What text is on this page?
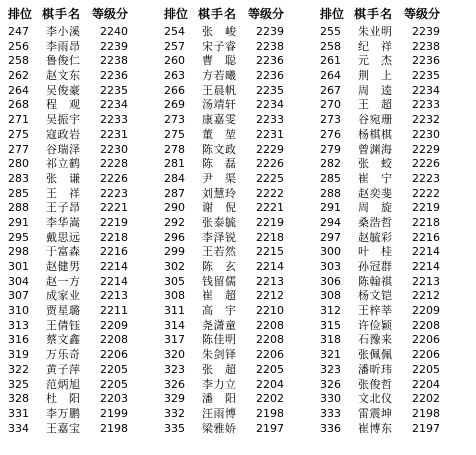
排位 棋手名 等级分
247 李小溪 2240
256 李雨昂 2239
258 鲁俊仁 2238
262 赵文东 2236
264 吴俊豪 2235
268 程　观 2234
271 吴振宇 2233
275 寇政岩 2231
277 谷瑞泽 2230
280 祁立鹤 2228
283 张　谦 2226
285 王　祥 2223
288 王子昂 2221
291 李华嵩 2219
295 戴思远 2218
298 于富森 2216
301 赵健男 2214
304 赵一方 2214
307 成家业 2213
310 贾星璐 2211
313 王倩钰 2209
316 蔡文鑫 2208
319 万乐奇 2206
322 黄子萍 2205
325 范炳旭 2205
328 杜　阳 2203
331 李万鹏 2199
334 王嘉宝 2198
排位 棋手名 等级分
254 张　峻 2239
257 宋子睿 2238
260 曹　聪 2236
263 方若曦 2236
266 王晨帆 2235
269 汤靖轩 2234
273 康嘉雯 2233
275 董　堃 2231
278 陈文政 2229
281 陈　磊 2226
284 尹　渠 2225
287 刘慧玲 2222
290 谢　倪 2221
292 张泰毓 2219
296 李泽锐 2218
299 王若然 2215
302 陈　玄 2214
305 钱留儒 2213
308 崔　超 2212
311 高　宇 2210
314 尧潇童 2208
317 陈佳明 2208
320 朱剑铎 2206
323 张　超 2205
326 李力立 2204
329 潘　阳 2202
332 汪雨博 2198
335 梁雅娇 2197
排位 棋手名 等级分
255 朱业明 2239
258 纪　祥 2238
261 元　杰 2236
264 荆　上 2235
267 周　逵 2234
270 王　超 2233
273 谷宛珊 2232
276 杨棋棋 2230
279 曾渊海 2229
282 张　蛟 2226
285 崔　宁 2223
288 赵奕斐 2222
291 周　旋 2219
294 桑浩哲 2218
297 赵毓彩 2216
300 叶　桂 2214
303 孙冠群 2214
306 陈翰祺 2213
308 杨文铠 2212
312 王梓莘 2209
315 许俭颖 2208
318 石豫来 2206
321 张佩佩 2206
323 潘昕玮 2205
326 张俊哲 2204
330 文北仪 2202
333 雷震坤 2198
336 崔博东 2197
